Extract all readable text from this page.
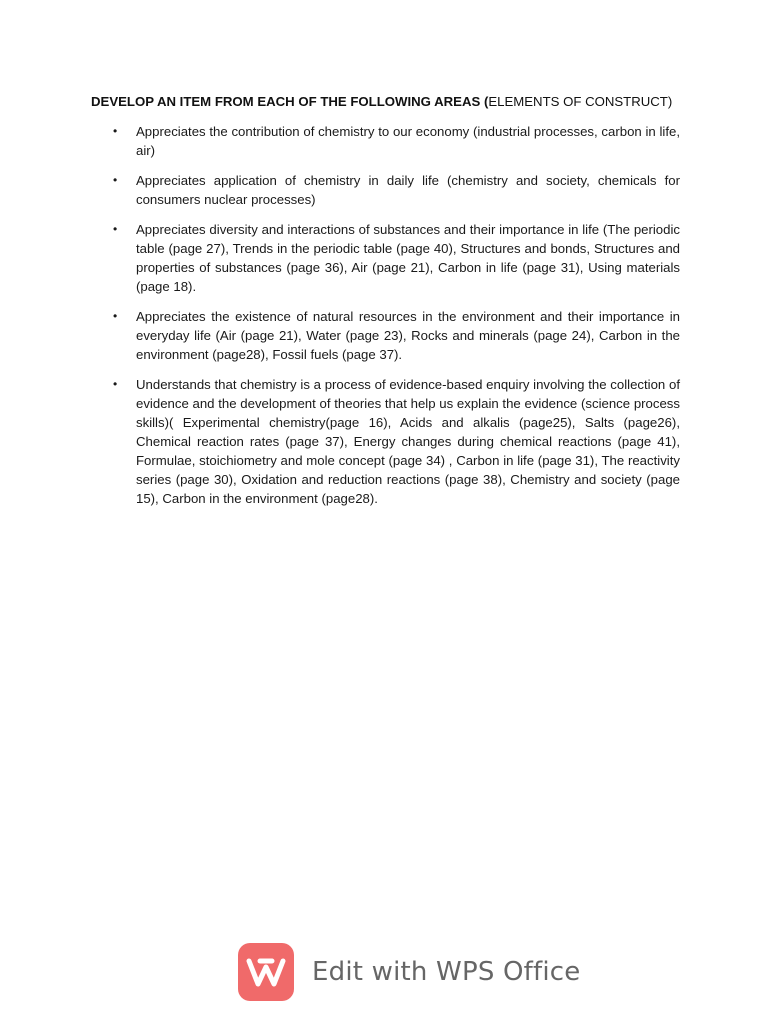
DEVELOP AN ITEM FROM EACH OF THE FOLLOWING AREAS (ELEMENTS OF CONSTRUCT)
• Appreciates the contribution of chemistry to our economy (industrial processes, carbon in life, air)
• Appreciates application of chemistry in daily life (chemistry and society, chemicals for consumers nuclear processes)
• Appreciates diversity and interactions of substances and their importance in life (The periodic table (page 27), Trends in the periodic table (page 40), Structures and bonds, Structures and properties of substances (page 36), Air (page 21), Carbon in life (page 31), Using materials (page 18).
• Appreciates the existence of natural resources in the environment and their importance in everyday life (Air (page 21), Water (page 23), Rocks and minerals (page 24), Carbon in the environment (page28), Fossil fuels (page 37).
• Understands that chemistry is a process of evidence-based enquiry involving the collection of evidence and the development of theories that help us explain the evidence (science process skills)( Experimental chemistry(page 16), Acids and alkalis (page25), Salts (page26), Chemical reaction rates (page 37), Energy changes during chemical reactions (page 41), Formulae, stoichiometry and mole concept (page 34) , Carbon in life (page 31), The reactivity series (page 30), Oxidation and reduction reactions (page 38), Chemistry and society (page 15), Carbon in the environment (page28).
Edit with WPS Office
